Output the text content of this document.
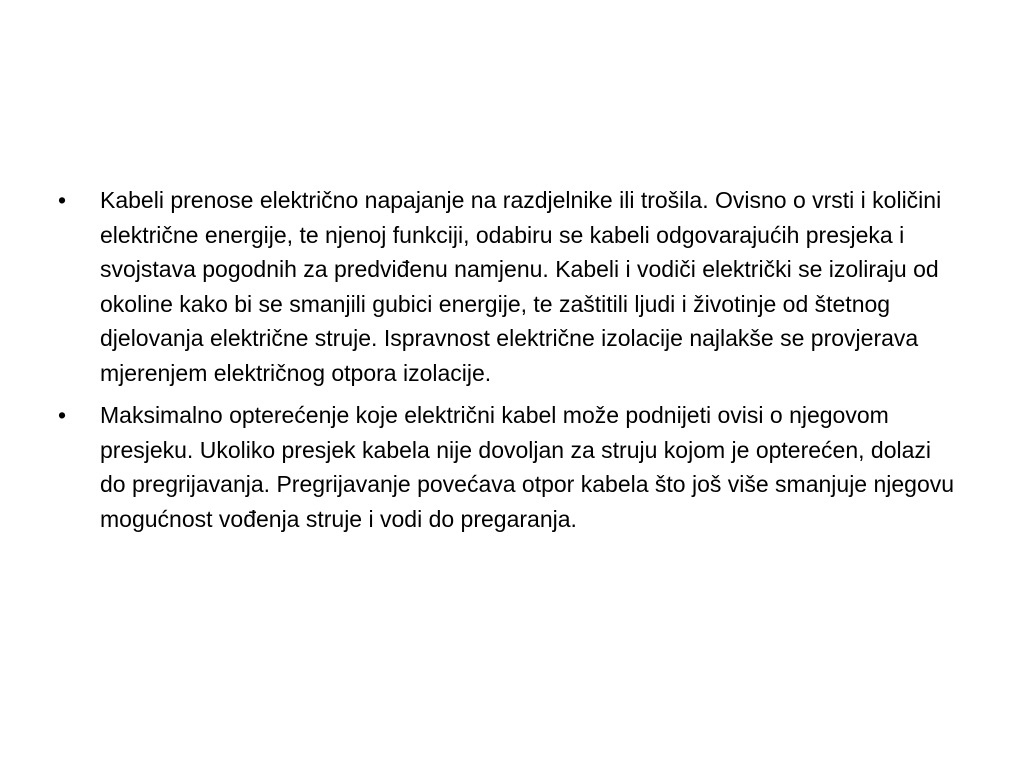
•	Kabeli prenose električno napajanje na razdjelnike ili trošila. Ovisno o vrsti i količini električne energije, te njenoj funkciji, odabiru se kabeli odgovarajućih presjeka i svojstava pogodnih za predviđenu namjenu. Kabeli i vodiči električki se izoliraju od okoline kako bi se smanjili gubici energije, te zaštitili ljudi i životinje od štetnog djelovanja električne struje. Ispravnost električne izolacije najlakše se provjerava mjerenjem električnog otpora izolacije.
•	Maksimalno opterećenje koje električni kabel može podnijeti ovisi o njegovom presjeku. Ukoliko presjek kabela nije dovoljan za struju kojom je opterećen, dolazi do pregrijavanja. Pregrijavanje povećava otpor kabela što još više smanjuje njegovu mogućnost vođenja struje i vodi do pregaranja.
